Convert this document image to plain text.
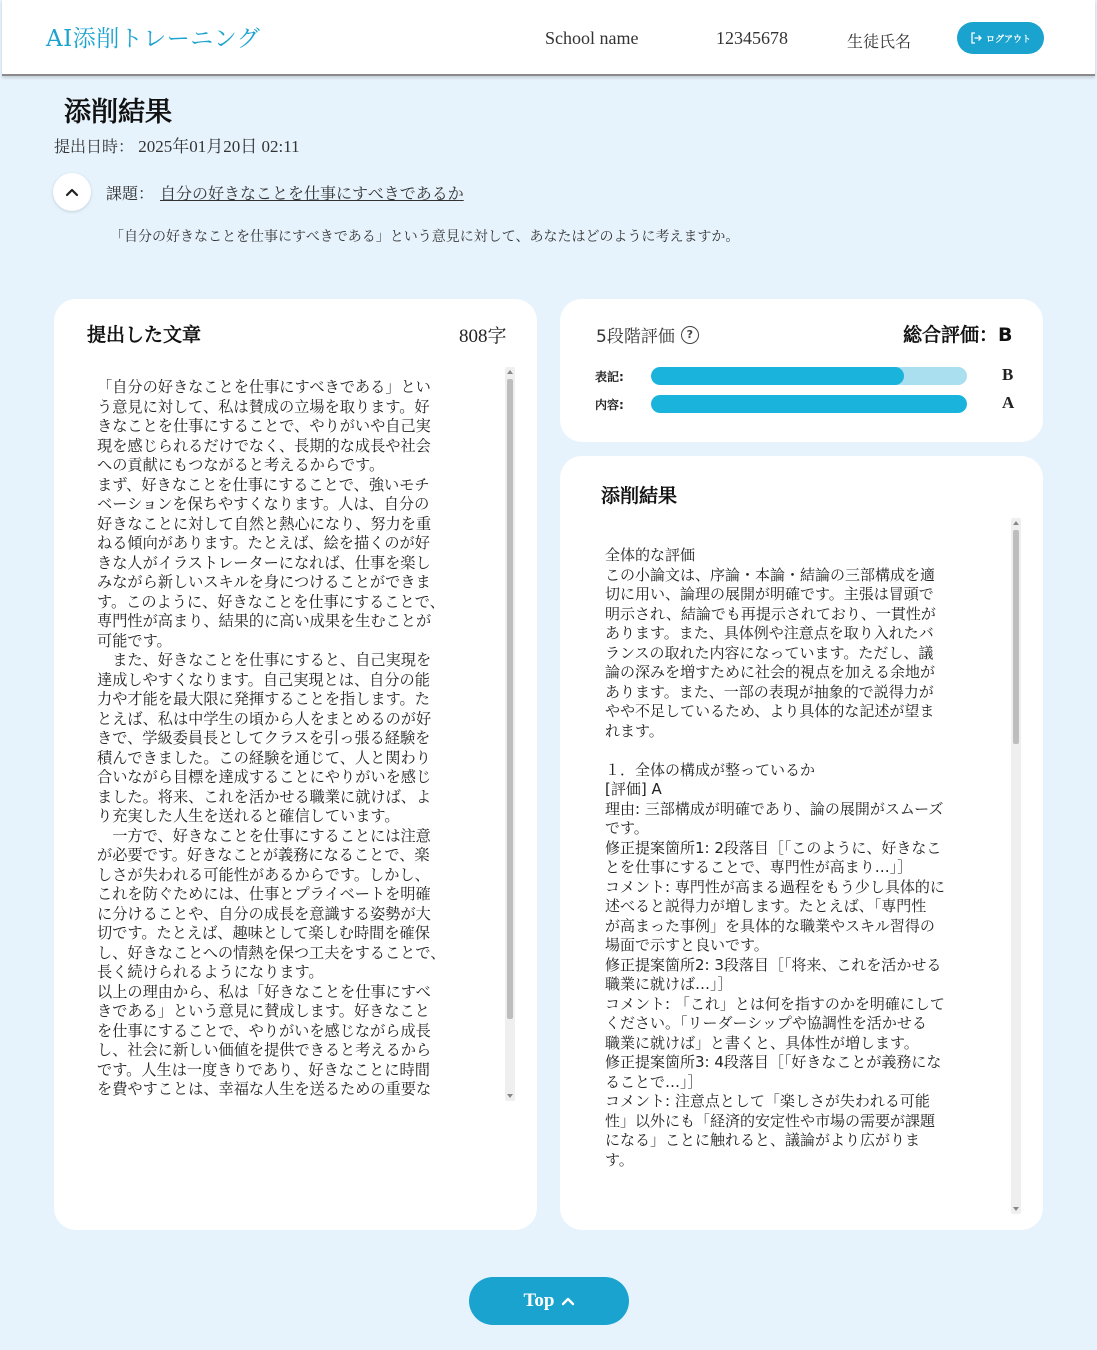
AI添削トレーニング	School name	12345678	生徒氏名	ログアウト
添削結果
提出日時： 2025年01月20日 02:11
課題： 自分の好きなことを仕事にすべきであるか
「自分の好きなことを仕事にすべきである」という意見に対して、あなたはどのように考えますか。
提出した文章	808字
「自分の好きなことを仕事にすべきである」とい
う意見に対して、私は賛成の立場を取ります。好
きなことを仕事にすることで、やりがいや自己実
現を感じられるだけでなく、長期的な成長や社会
への貢献にもつながると考えるからです。
まず、好きなことを仕事にすることで、強いモチ
ベーションを保ちやすくなります。人は、自分の
好きなことに対して自然と熱心になり、努力を重
ねる傾向があります。たとえば、絵を描くのが好
きな人がイラストレーターになれば、仕事を楽し
みながら新しいスキルを身につけることができま
す。このように、好きなことを仕事にすることで、
専門性が高まり、結果的に高い成果を生むことが
可能です。
　また、好きなことを仕事にすると、自己実現を
達成しやすくなります。自己実現とは、自分の能
力や才能を最大限に発揮することを指します。た
とえば、私は中学生の頃から人をまとめるのが好
きで、学級委員長としてクラスを引っ張る経験を
積んできました。この経験を通じて、人と関わり
合いながら目標を達成することにやりがいを感じ
ました。将来、これを活かせる職業に就けば、よ
り充実した人生を送れると確信しています。
　一方で、好きなことを仕事にすることには注意
が必要です。好きなことが義務になることで、楽
しさが失われる可能性があるからです。しかし、
これを防ぐためには、仕事とプライベートを明確
に分けることや、自分の成長を意識する姿勢が大
切です。たとえば、趣味として楽しむ時間を確保
し、好きなことへの情熱を保つ工夫をすることで、
長く続けられるようになります。
以上の理由から、私は「好きなことを仕事にすべ
きである」という意見に賛成します。好きなこと
を仕事にすることで、やりがいを感じながら成長
し、社会に新しい価値を提供できると考えるから
です。人生は一度きりであり、好きなことに時間
を費やすことは、幸福な人生を送るための重要な
5段階評価	?	総合評価：B
表記:	B
内容:	A
添削結果
全体的な評価
この小論文は、序論・本論・結論の三部構成を適
切に用い、論理の展開が明確です。主張は冒頭で
明示され、結論でも再提示されており、一貫性が
あります。また、具体例や注意点を取り入れたバ
ランスの取れた内容になっています。ただし、議
論の深みを増すために社会的視点を加える余地が
あります。また、一部の表現が抽象的で説得力が
やや不足しているため、より具体的な記述が望ま
れます。
１．全体の構成が整っているか
[評価] A
理由: 三部構成が明確であり、論の展開がスムーズ
です。
修正提案箇所1: 2段落目［「このように、好きなこ
とを仕事にすることで、専門性が高まり…」］
コメント: 専門性が高まる過程をもう少し具体的に
述べると説得力が増します。たとえば、「専門性
が高まった事例」を具体的な職業やスキル習得の
場面で示すと良いです。
修正提案箇所2: 3段落目［「将来、これを活かせる
職業に就けば…」］
コメント: 「これ」とは何を指すのかを明確にして
ください。「リーダーシップや協調性を活かせる
職業に就けば」と書くと、具体性が増します。
修正提案箇所3: 4段落目［「好きなことが義務にな
ることで…」］
コメント: 注意点として「楽しさが失われる可能
性」以外にも「経済的安定性や市場の需要が課題
になる」ことに触れると、議論がより広がりま
す。
Top
